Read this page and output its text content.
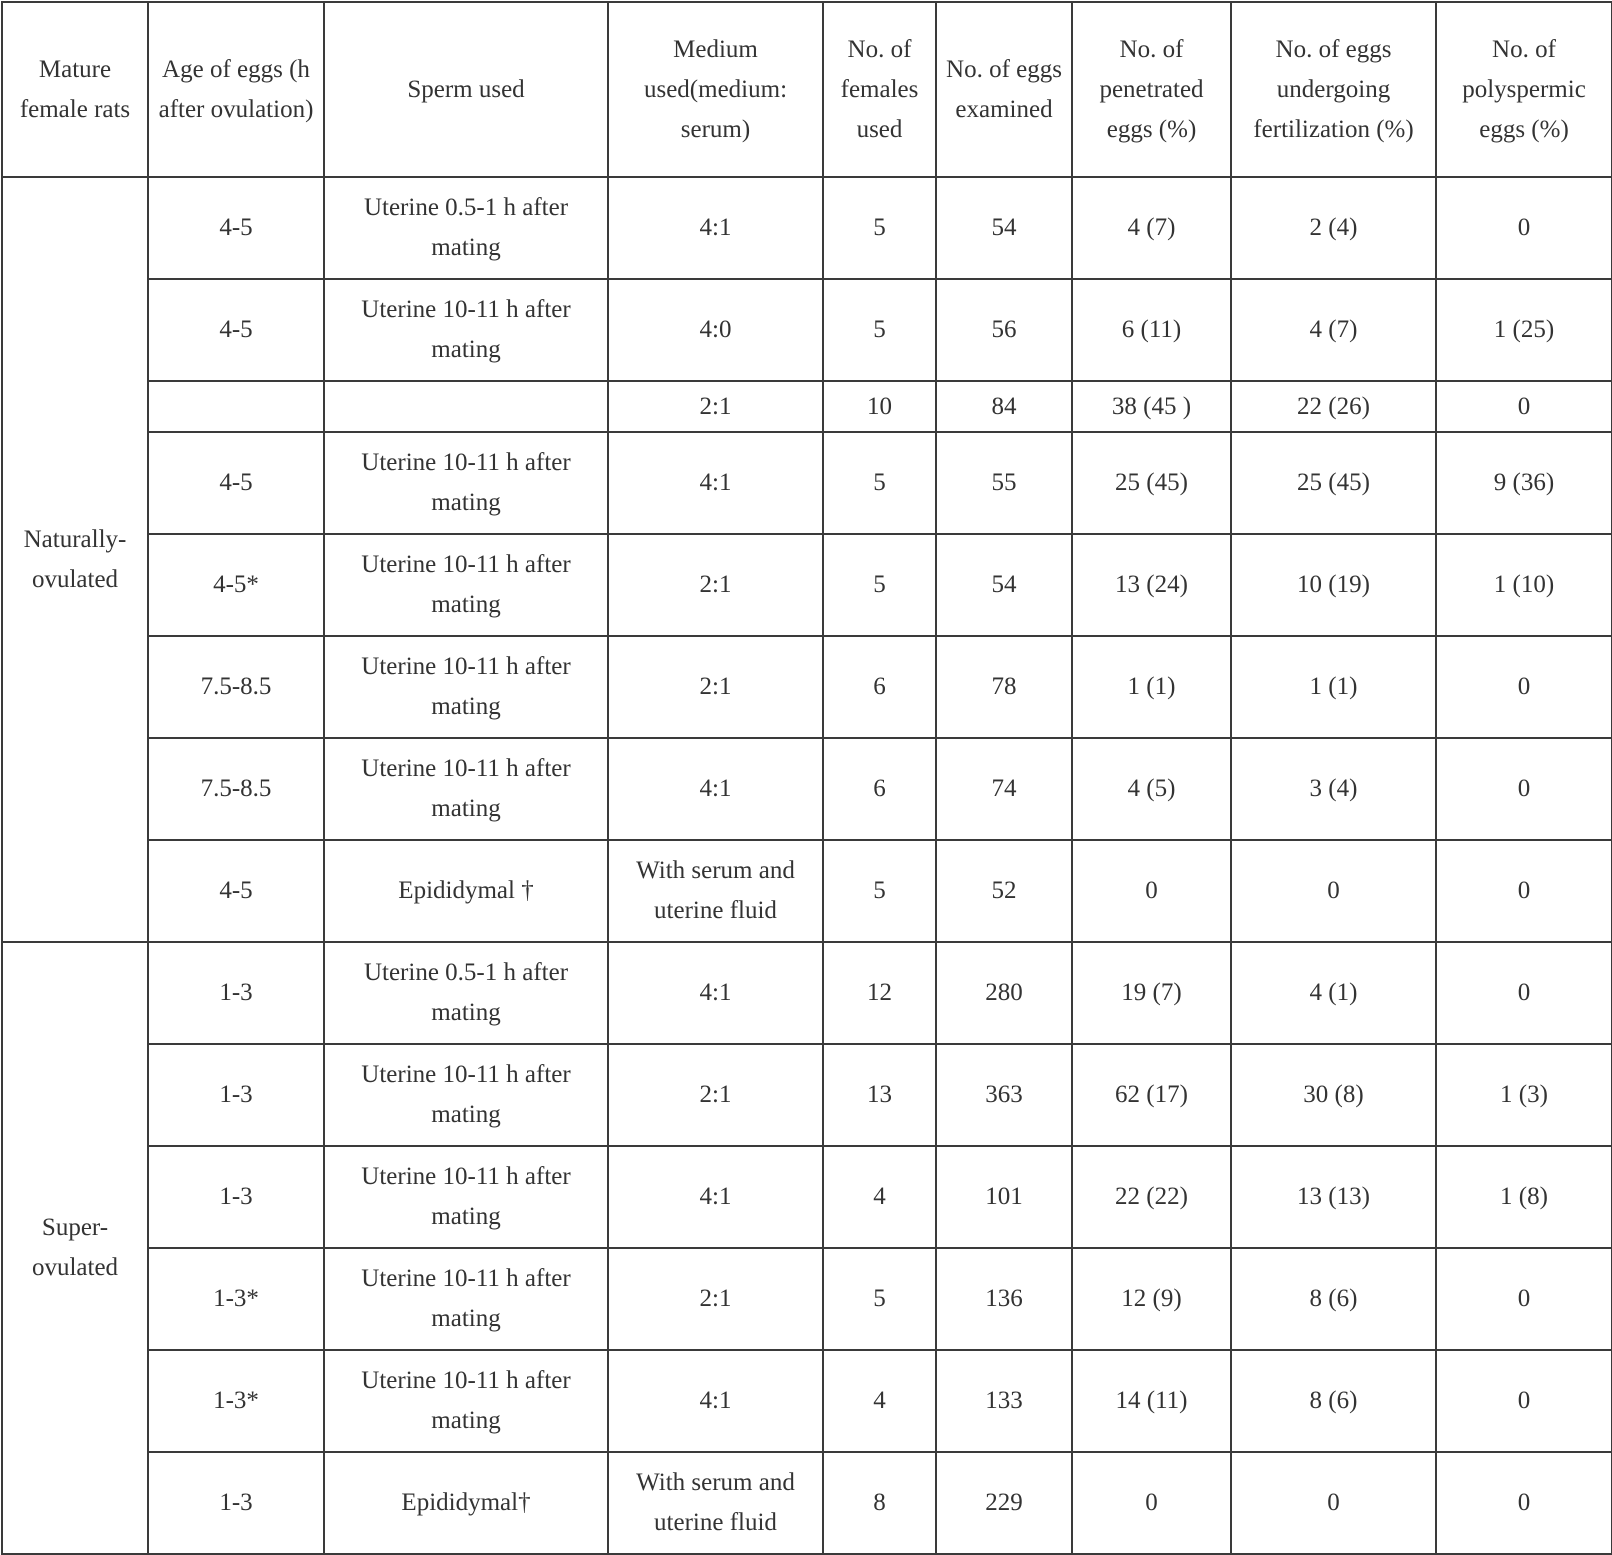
Mature female rats	Age of eggs (h after ovulation)	Sperm used	Medium used(medium: serum)	No. of females used	No. of eggs examined	No. of penetrated eggs (%)	No. of eggs undergoing fertilization (%)	No. of polyspermic eggs (%)
Naturally-ovulated	4-5	Uterine 0.5-1 h after mating	4:1	5	54	4 (7)	2 (4)	0
	4-5	Uterine 10-11 h after mating	4:0	5	56	6 (11)	4 (7)	1 (25)
			2:1	10	84	38 (45 )	22 (26)	0
	4-5	Uterine 10-11 h after mating	4:1	5	55	25 (45)	25 (45)	9 (36)
	4-5*	Uterine 10-11 h after mating	2:1	5	54	13 (24)	10 (19)	1 (10)
	7.5-8.5	Uterine 10-11 h after mating	2:1	6	78	1 (1)	1 (1)	0
	7.5-8.5	Uterine 10-11 h after mating	4:1	6	74	4 (5)	3 (4)	0
	4-5	Epididymal †	With serum and uterine fluid	5	52	0	0	0
Super-ovulated	1-3	Uterine 0.5-1 h after mating	4:1	12	280	19 (7)	4 (1)	0
	1-3	Uterine 10-11 h after mating	2:1	13	363	62 (17)	30 (8)	1 (3)
	1-3	Uterine 10-11 h after mating	4:1	4	101	22 (22)	13 (13)	1 (8)
	1-3*	Uterine 10-11 h after mating	2:1	5	136	12 (9)	8 (6)	0
	1-3*	Uterine 10-11 h after mating	4:1	4	133	14 (11)	8 (6)	0
	1-3	Epididymal†	With serum and uterine fluid	8	229	0	0	0
